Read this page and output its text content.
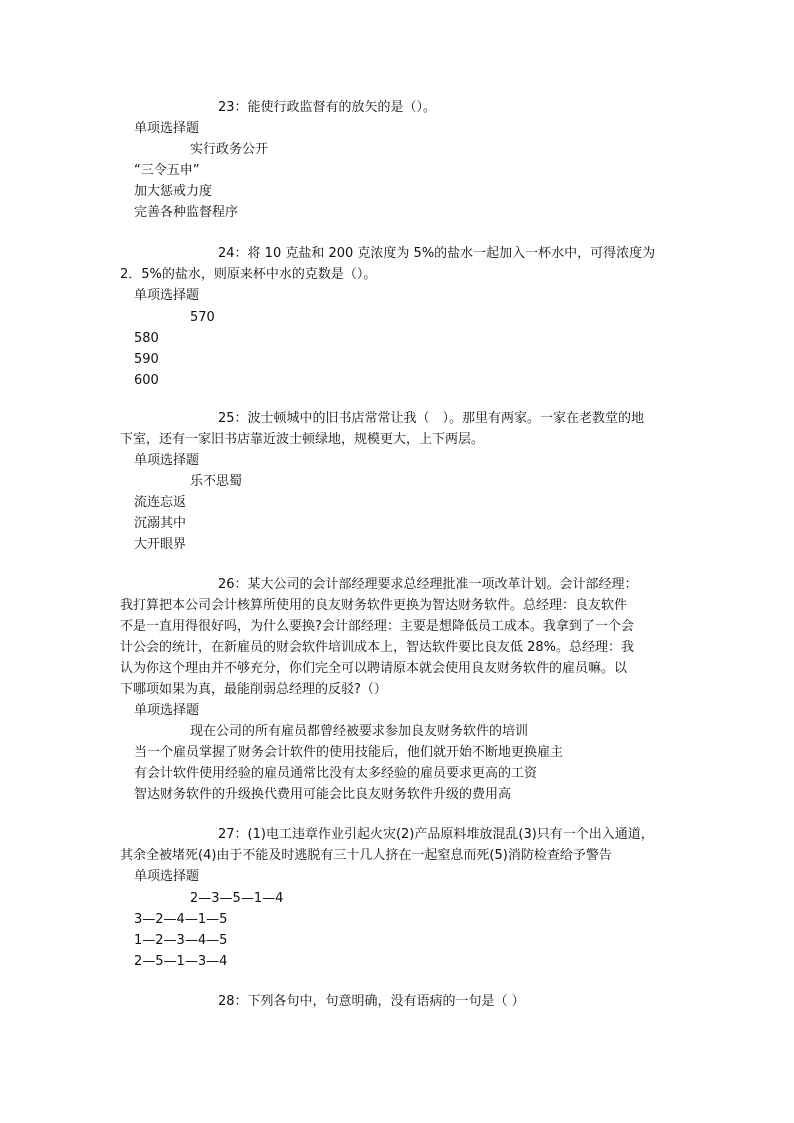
23：能使行政监督有的放矢的是（）。
单项选择题
实行政务公开
“三令五申”
加大惩戒力度
完善各种监督程序
24：将 10 克盐和 200 克浓度为 5%的盐水一起加入一杯水中，可得浓度为
2．5%的盐水，则原来杯中水的克数是（）。
单项选择题
570
580
590
600
25：波士顿城中的旧书店常常让我（　）。那里有两家。一家在老教堂的地
下室，还有一家旧书店靠近波士顿绿地，规模更大，上下两层。
单项选择题
乐不思蜀
流连忘返
沉溺其中
大开眼界
26：某大公司的会计部经理要求总经理批准一项改革计划。会计部经理：
我打算把本公司会计核算所使用的良友财务软件更换为智达财务软件。总经理：良友软件
不是一直用得很好吗，为什么要换?会计部经理：主要是想降低员工成本。我拿到了一个会
计公会的统计，在新雇员的财会软件培训成本上，智达软件要比良友低 28%。总经理：我
认为你这个理由并不够充分，你们完全可以聘请原本就会使用良友财务软件的雇员嘛。以
下哪项如果为真，最能削弱总经理的反驳?（）
单项选择题
现在公司的所有雇员都曾经被要求参加良友财务软件的培训
当一个雇员掌握了财务会计软件的使用技能后，他们就开始不断地更换雇主
有会计软件使用经验的雇员通常比没有太多经验的雇员要求更高的工资
智达财务软件的升级换代费用可能会比良友财务软件升级的费用高
27：(1)电工违章作业引起火灾(2)产品原料堆放混乱(3)只有一个出入通道，
其余全被堵死(4)由于不能及时逃脱有三十几人挤在一起窒息而死(5)消防检查给予警告
单项选择题
2—3—5—1—4
3—2—4—1—5
1—2—3—4—5
2—5—1—3—4
28：下列各句中，句意明确，没有语病的一句是（ ）
